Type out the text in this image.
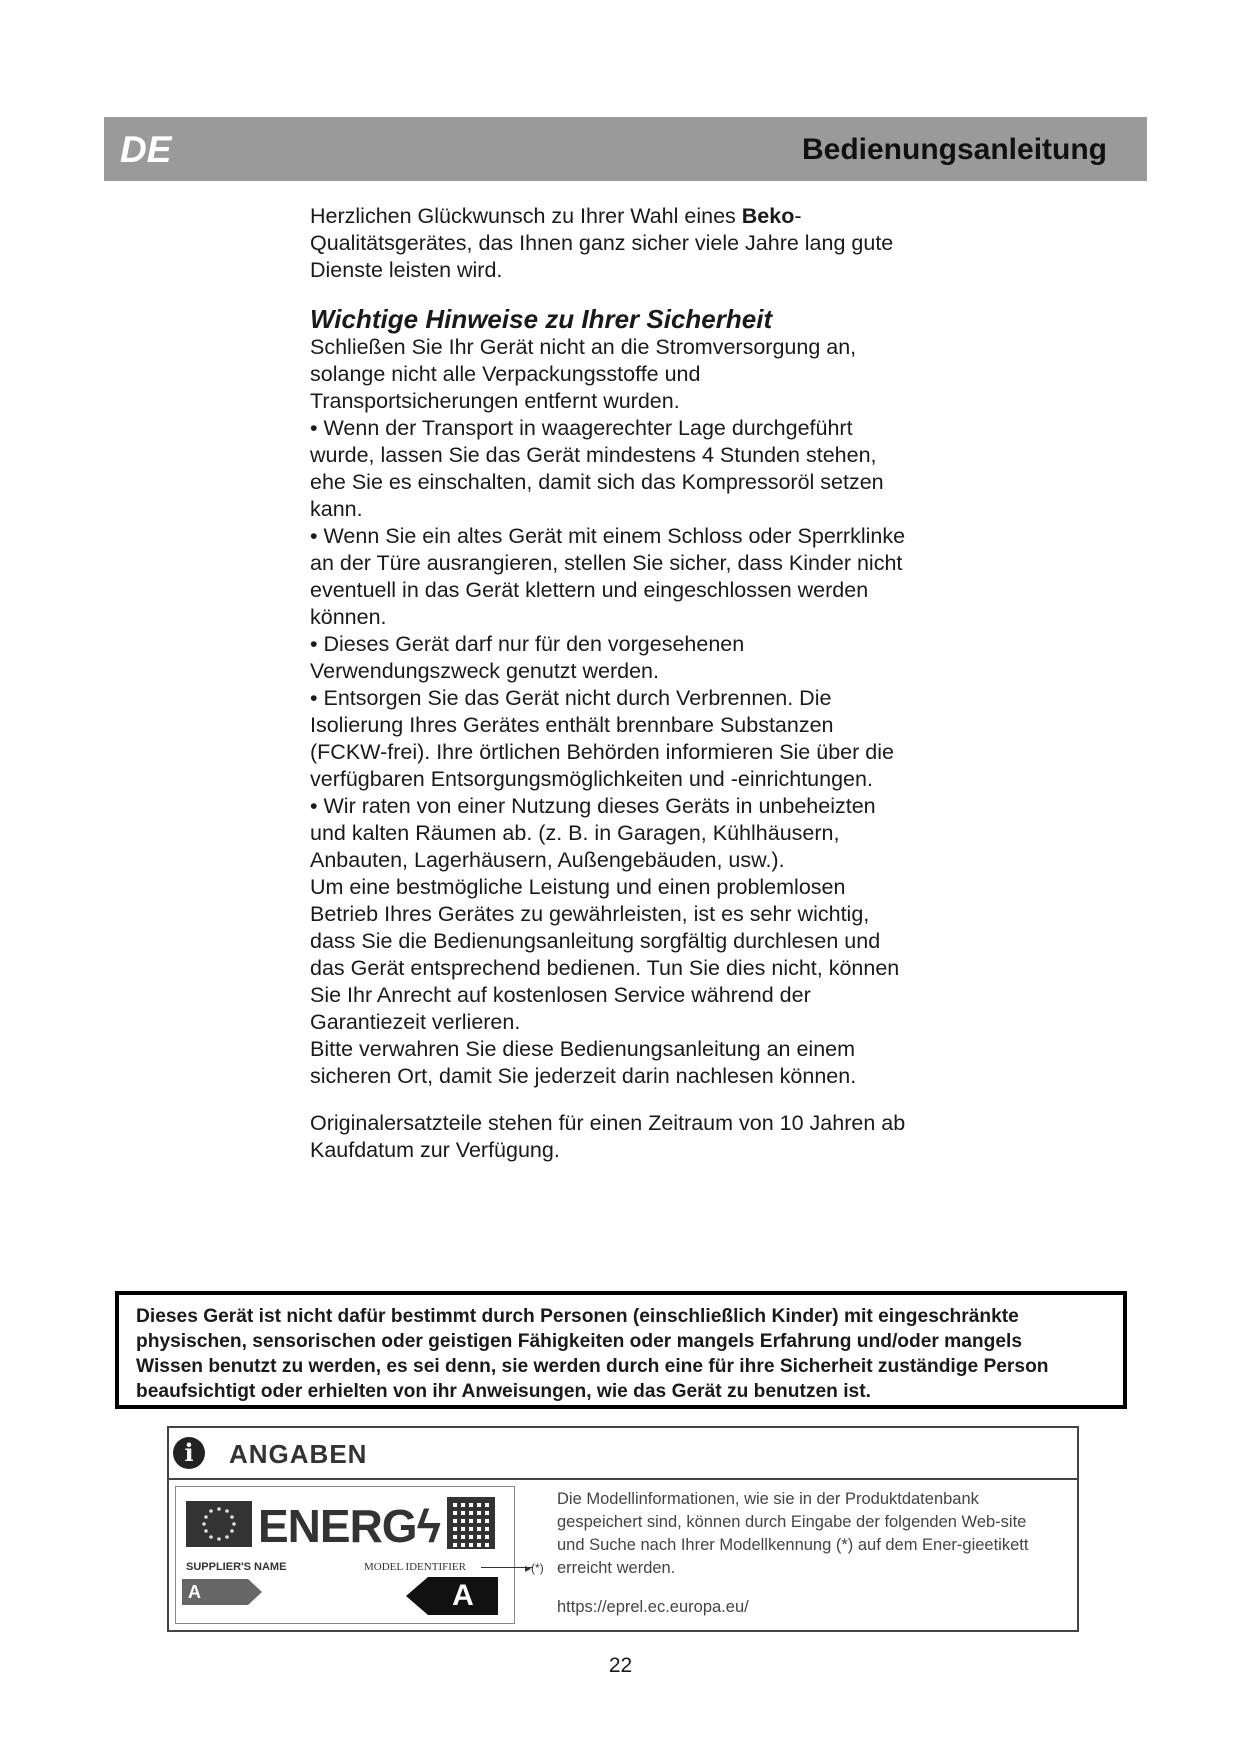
DE	Bedienungsanleitung

Herzlichen Glückwunsch zu Ihrer Wahl eines Beko-Qualitätsgerätes, das Ihnen ganz sicher viele Jahre lang gute Dienste leisten wird.

Wichtige Hinweise zu Ihrer Sicherheit

Schließen Sie Ihr Gerät nicht an die Stromversorgung an, solange nicht alle Verpackungsstoffe und Transportsicherungen entfernt wurden.

• Wenn der Transport in waagerechter Lage durchgeführt wurde, lassen Sie das Gerät mindestens 4 Stunden stehen, ehe Sie es einschalten, damit sich das Kompressoröl setzen kann.

• Wenn Sie ein altes Gerät mit einem Schloss oder Sperrklinke an der Türe ausrangieren, stellen Sie sicher, dass Kinder nicht eventuell in das Gerät klettern und eingeschlossen werden können.

• Dieses Gerät darf nur für den vorgesehenen Verwendungszweck genutzt werden.

• Entsorgen Sie das Gerät nicht durch Verbrennen. Die Isolierung Ihres Gerätes enthält brennbare Substanzen (FCKW-frei). Ihre örtlichen Behörden informieren Sie über die verfügbaren Entsorgungsmöglichkeiten und -einrichtungen.

• Wir raten von einer Nutzung dieses Geräts in unbeheizten und kalten Räumen ab. (z. B. in Garagen, Kühlhäusern, Anbauten, Lagerhäusern, Außengebäuden, usw.).

Um eine bestmögliche Leistung und einen problemlosen Betrieb Ihres Gerätes zu gewährleisten, ist es sehr wichtig, dass Sie die Bedienungsanleitung sorgfältig durchlesen und das Gerät entsprechend bedienen. Tun Sie dies nicht, können Sie Ihr Anrecht auf kostenlosen Service während der Garantiezeit verlieren.

Bitte verwahren Sie diese Bedienungsanleitung an einem sicheren Ort, damit Sie jederzeit darin nachlesen können.

Originalersatzteile stehen für einen Zeitraum von 10 Jahren ab Kaufdatum zur Verfügung.

Dieses Gerät ist nicht dafür bestimmt durch Personen (einschließlich Kinder) mit eingeschränkte
physischen, sensorischen oder geistigen Fähigkeiten oder mangels Erfahrung und/oder mangels
Wissen benutzt zu werden, es sei denn, sie werden durch eine für ihre Sicherheit zuständige Person
beaufsichtigt oder erhielten von ihr Anweisungen, wie das Gerät zu benutzen ist.
i	ANGABEN
ENERGϟ
SUPPLIER'S NAME	MODEL IDENTIFIER	▸(*)
A	A
Die Modellinformationen, wie sie in der Produktdatenbank gespeichert sind, können durch Eingabe der folgenden Web-site und Suche nach Ihrer Modellkennung (*) auf dem Ener-gieetikett erreicht werden.
https://eprel.ec.europa.eu/
22
